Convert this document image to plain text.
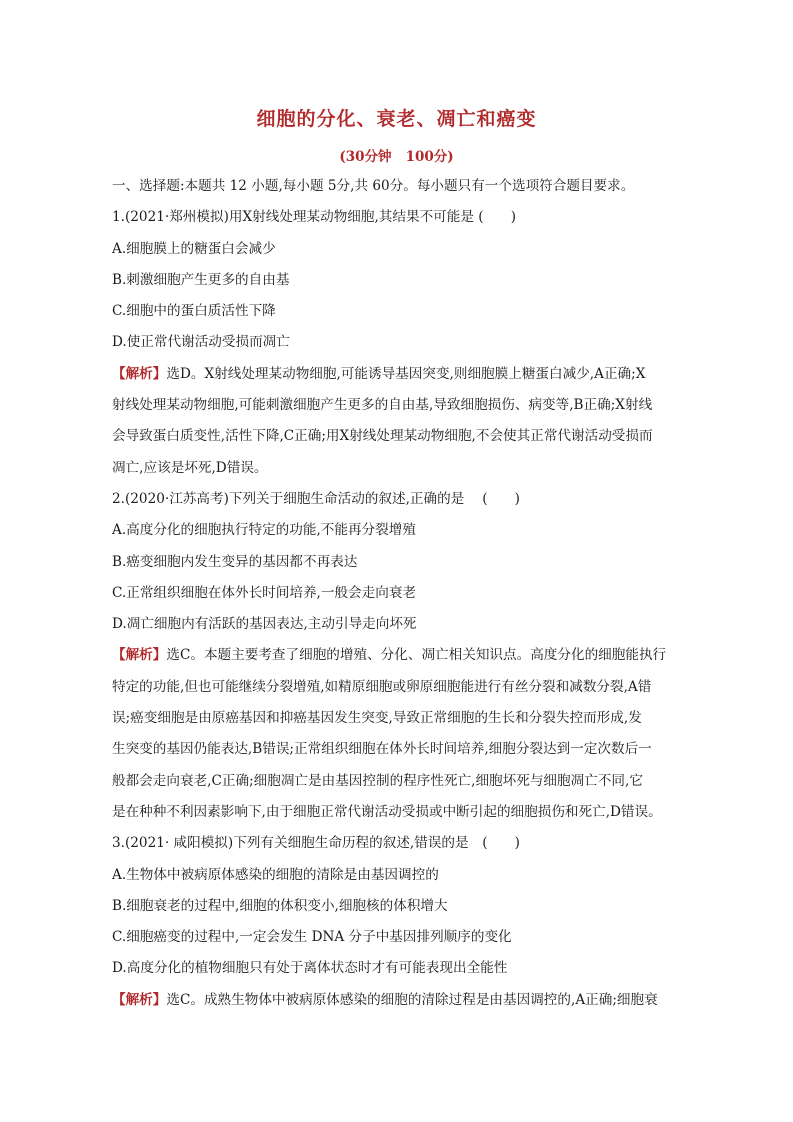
细胞的分化、衰老、凋亡和癌变
(30分钟   100分)
一、选择题:本题共 12 小题,每小题 5分,共 60分。每小题只有一个选项符合题目要求。
1.(2021·郑州模拟)用X射线处理某动物细胞,其结果不可能是 (　　)
A.细胞膜上的糖蛋白会减少
B.刺激细胞产生更多的自由基
C.细胞中的蛋白质活性下降
D.使正常代谢活动受损而凋亡
【解析】选D。X射线处理某动物细胞,可能诱导基因突变,则细胞膜上糖蛋白减少,A正确;X
射线处理某动物细胞,可能刺激细胞产生更多的自由基,导致细胞损伤、病变等,B正确;X射线
会导致蛋白质变性,活性下降,C正确;用X射线处理某动物细胞,不会使其正常代谢活动受损而
凋亡,应该是坏死,D错误。
2.(2020·江苏高考)下列关于细胞生命活动的叙述,正确的是　 (　　)
A.高度分化的细胞执行特定的功能,不能再分裂增殖
B.癌变细胞内发生变异的基因都不再表达
C.正常组织细胞在体外长时间培养,一般会走向衰老
D.凋亡细胞内有活跃的基因表达,主动引导走向坏死
【解析】选C。本题主要考查了细胞的增殖、分化、凋亡相关知识点。高度分化的细胞能执行
特定的功能,但也可能继续分裂增殖,如精原细胞或卵原细胞能进行有丝分裂和减数分裂,A错
误;癌变细胞是由原癌基因和抑癌基因发生突变,导致正常细胞的生长和分裂失控而形成,发
生突变的基因仍能表达,B错误;正常组织细胞在体外长时间培养,细胞分裂达到一定次数后一
般都会走向衰老,C正确;细胞凋亡是由基因控制的程序性死亡,细胞坏死与细胞凋亡不同,它
是在种种不利因素影响下,由于细胞正常代谢活动受损或中断引起的细胞损伤和死亡,D错误。
3.(2021· 咸阳模拟)下列有关细胞生命历程的叙述,错误的是　(　　)
A.生物体中被病原体感染的细胞的清除是由基因调控的
B.细胞衰老的过程中,细胞的体积变小,细胞核的体积增大
C.细胞癌变的过程中,一定会发生 DNA 分子中基因排列顺序的变化
D.高度分化的植物细胞只有处于离体状态时才有可能表现出全能性
【解析】选C。成熟生物体中被病原体感染的细胞的清除过程是由基因调控的,A正确;细胞衰
